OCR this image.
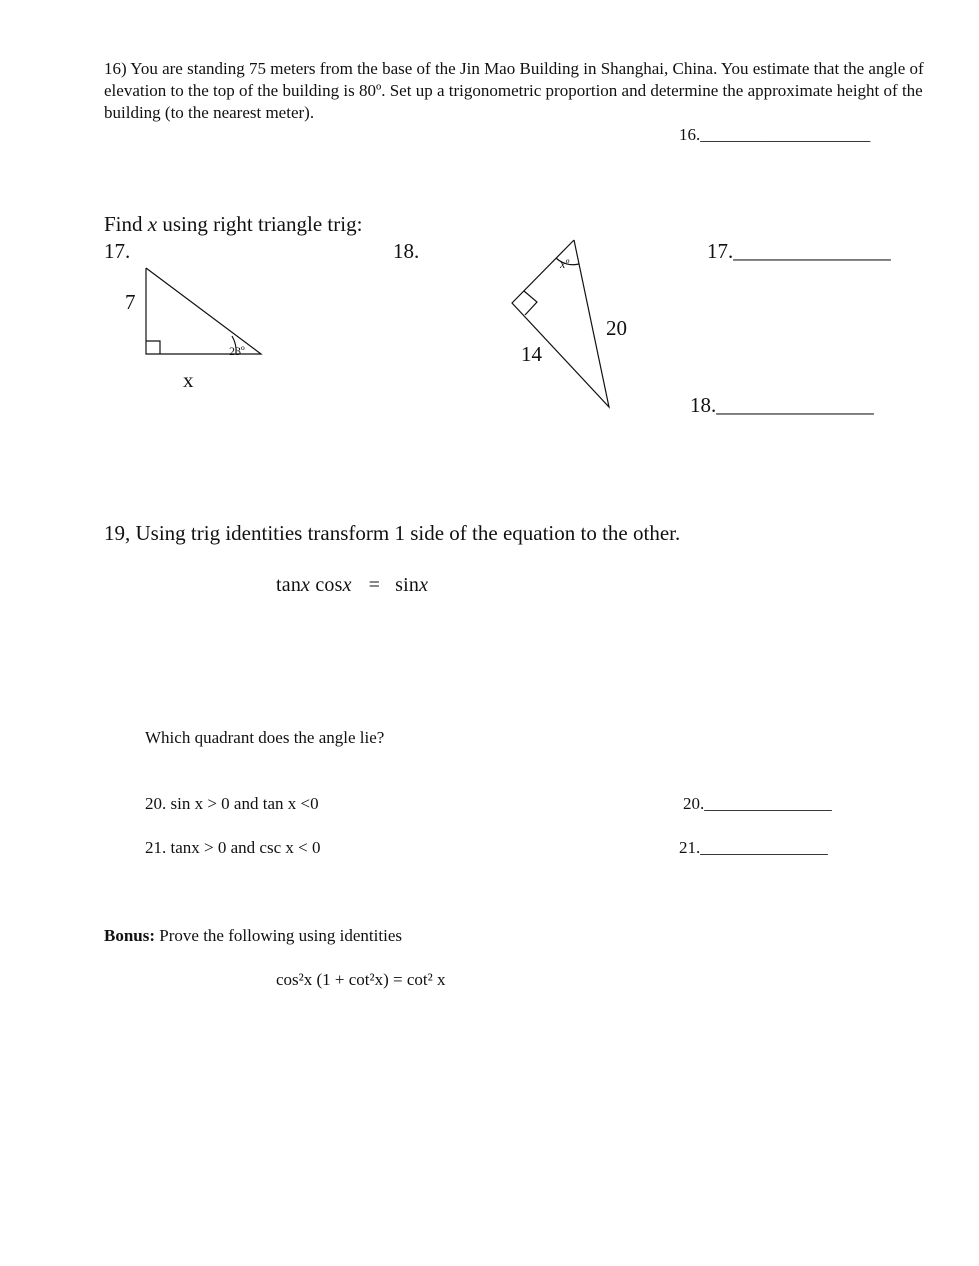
16) You are standing 75 meters from the base of the Jin Mao Building in Shanghai, China. You estimate that the angle of elevation to the top of the building is 80º. Set up a trigonometric proportion and determine the approximate height of the building (to the nearest meter).
16.____________________
Find x using right triangle trig:
17.	18.	17._______________
18._______________
7
23º
x
xº
20
14
19, Using trig identities transform 1 side of the equation to the other.
tanx cosx = sinx
Which quadrant does the angle lie?
20. sin x > 0 and tan x <0	20._______________
21. tanx > 0 and csc x < 0	21._______________
Bonus: Prove the following using identities
cos²x (1 + cot²x) = cot² x
